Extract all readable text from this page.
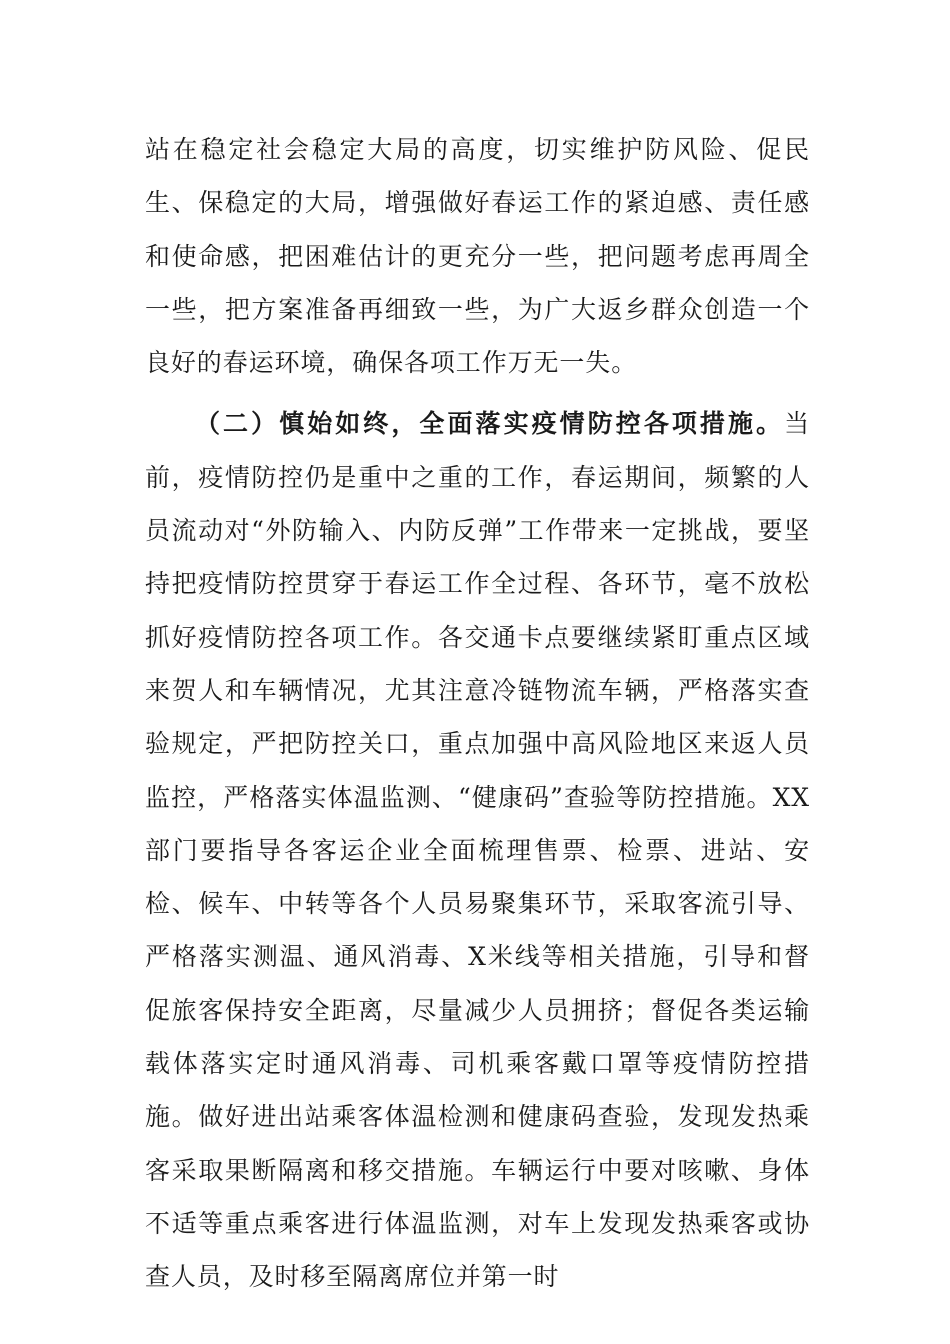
站在稳定社会稳定大局的高度，切实维护防风险、促民生、保稳定的大局，增强做好春运工作的紧迫感、责任感和使命感，把困难估计的更充分一些，把问题考虑再周全一些，把方案准备再细致一些，为广大返乡群众创造一个良好的春运环境，确保各项工作万无一失。

（二）慎始如终，全面落实疫情防控各项措施。当前，疫情防控仍是重中之重的工作，春运期间，频繁的人员流动对“外防输入、内防反弹”工作带来一定挑战，要坚持把疫情防控贯穿于春运工作全过程、各环节，毫不放松抓好疫情防控各项工作。各交通卡点要继续紧盯重点区域来贺人和车辆情况，尤其注意冷链物流车辆，严格落实查验规定，严把防控关口，重点加强中高风险地区来返人员监控，严格落实体温监测、“健康码”查验等防控措施。XX部门要指导各客运企业全面梳理售票、检票、进站、安检、候车、中转等各个人员易聚集环节，采取客流引导、严格落实测温、通风消毒、X米线等相关措施，引导和督促旅客保持安全距离，尽量减少人员拥挤；督促各类运输载体落实定时通风消毒、司机乘客戴口罩等疫情防控措施。做好进出站乘客体温检测和健康码查验，发现发热乘客采取果断隔离和移交措施。车辆运行中要对咳嗽、身体不适等重点乘客进行体温监测，对车上发现发热乘客或协查人员，及时移至隔离席位并第一时
